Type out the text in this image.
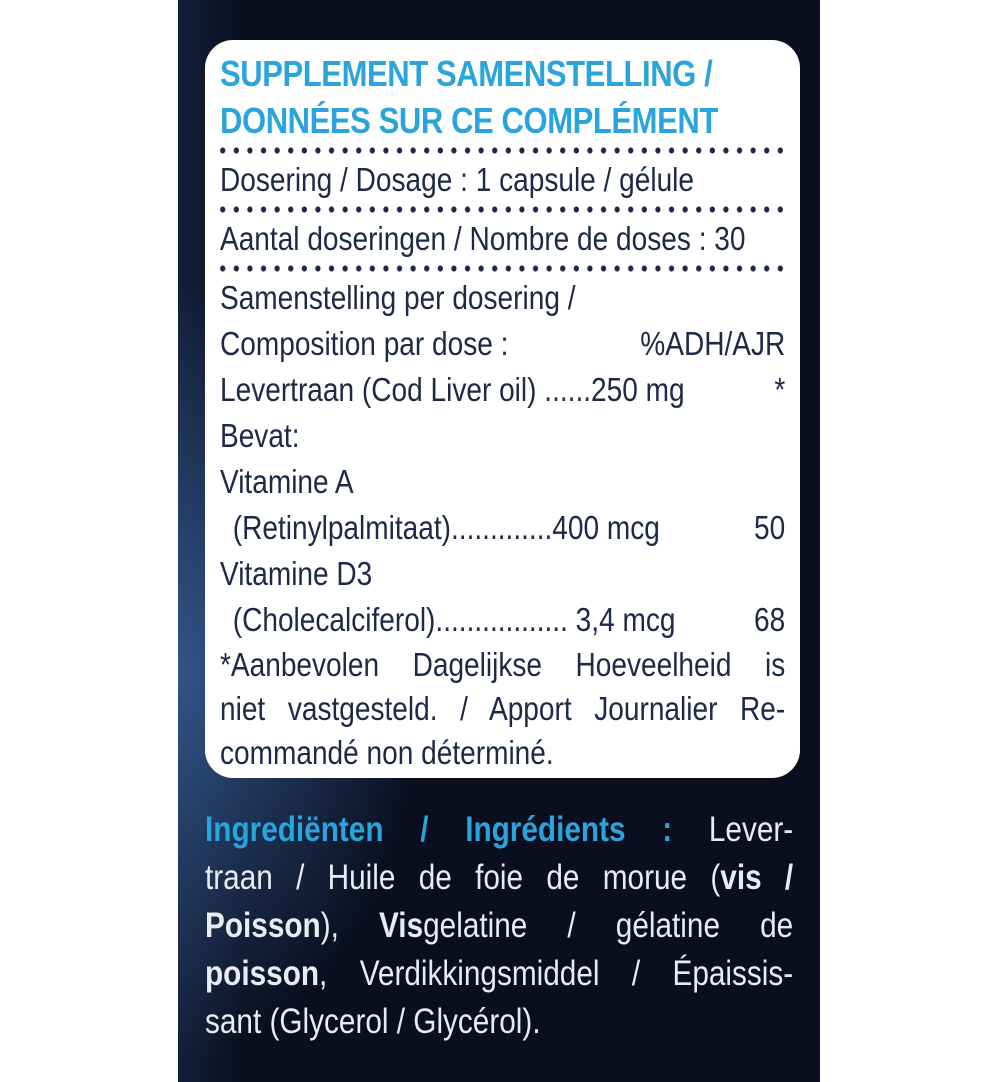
SUPPLEMENT SAMENSTELLING /
DONNÉES SUR CE COMPLÉMENT
Dosering / Dosage : 1 capsule / gélule
Aantal doseringen / Nombre de doses : 30
Samenstelling per dosering /
Composition par dose :	%ADH/AJR
Levertraan (Cod Liver oil) ......250 mg	*
Bevat:
Vitamine A
(Retinylpalmitaat).............400 mcg	50
Vitamine D3
(Cholecalciferol)................. 3,4 mcg	68
*Aanbevolen Dagelijkse Hoeveelheid is
niet vastgesteld. / Apport Journalier Re-
commandé non déterminé.
Ingrediënten / Ingrédients : Lever-
traan / Huile de foie de morue (vis /
Poisson), Visgelatine / gélatine de
poisson, Verdikkingsmiddel / Épaissis-
sant (Glycerol / Glycérol).
